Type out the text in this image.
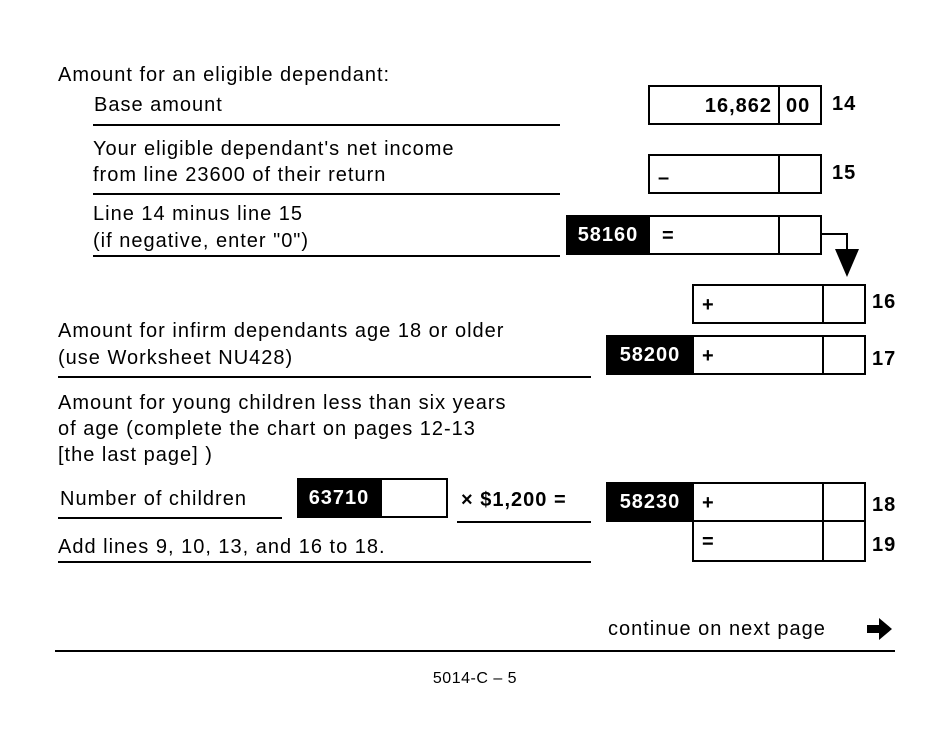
Amount for an eligible dependant:
Base amount	16,862 00 14
Your eligible dependant's net income
from line 23600 of their return	–	15
Line 14 minus line 15
(if negative, enter "0")	58160	=
+	16
Amount for infirm dependants age 18 or older
(use Worksheet NU428)	58200	+	17
Amount for young children less than six years
of age (complete the chart on pages 12-13
[the last page] )
Number of children	63710	× $1,200 =	58230	+	18
Add lines 9, 10, 13, and 16 to 18.	=	19
continue on next page
5014-C – 5
